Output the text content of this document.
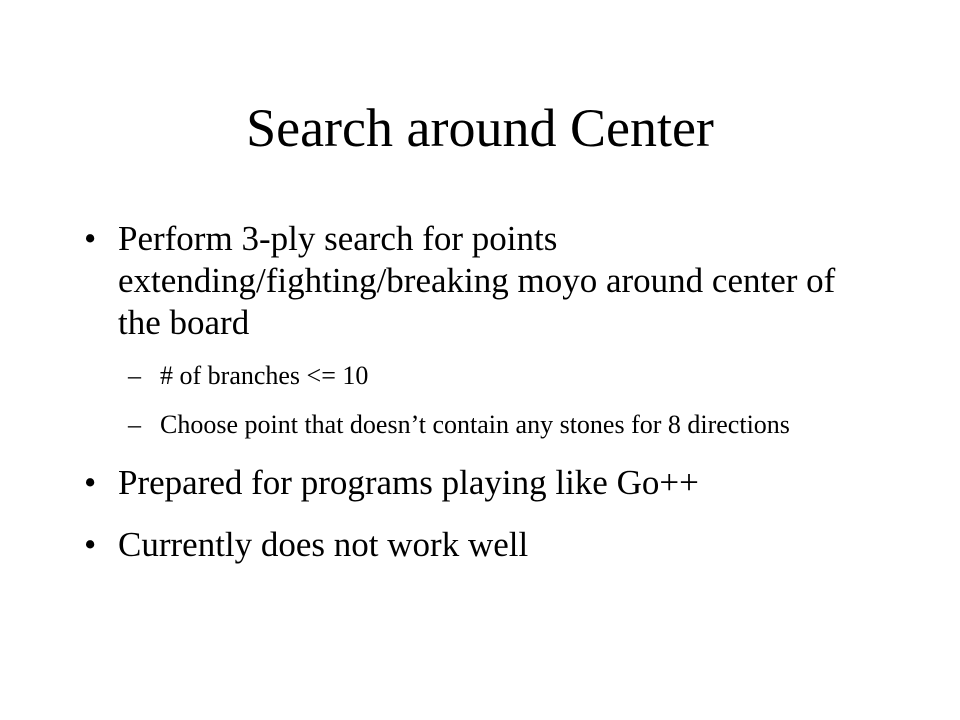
Search around Center
• Perform 3-ply search for points extending/fighting/breaking moyo around center of the board
– # of branches <= 10
– Choose point that doesn’t contain any stones for 8 directions
• Prepared for programs playing like Go++
• Currently does not work well
